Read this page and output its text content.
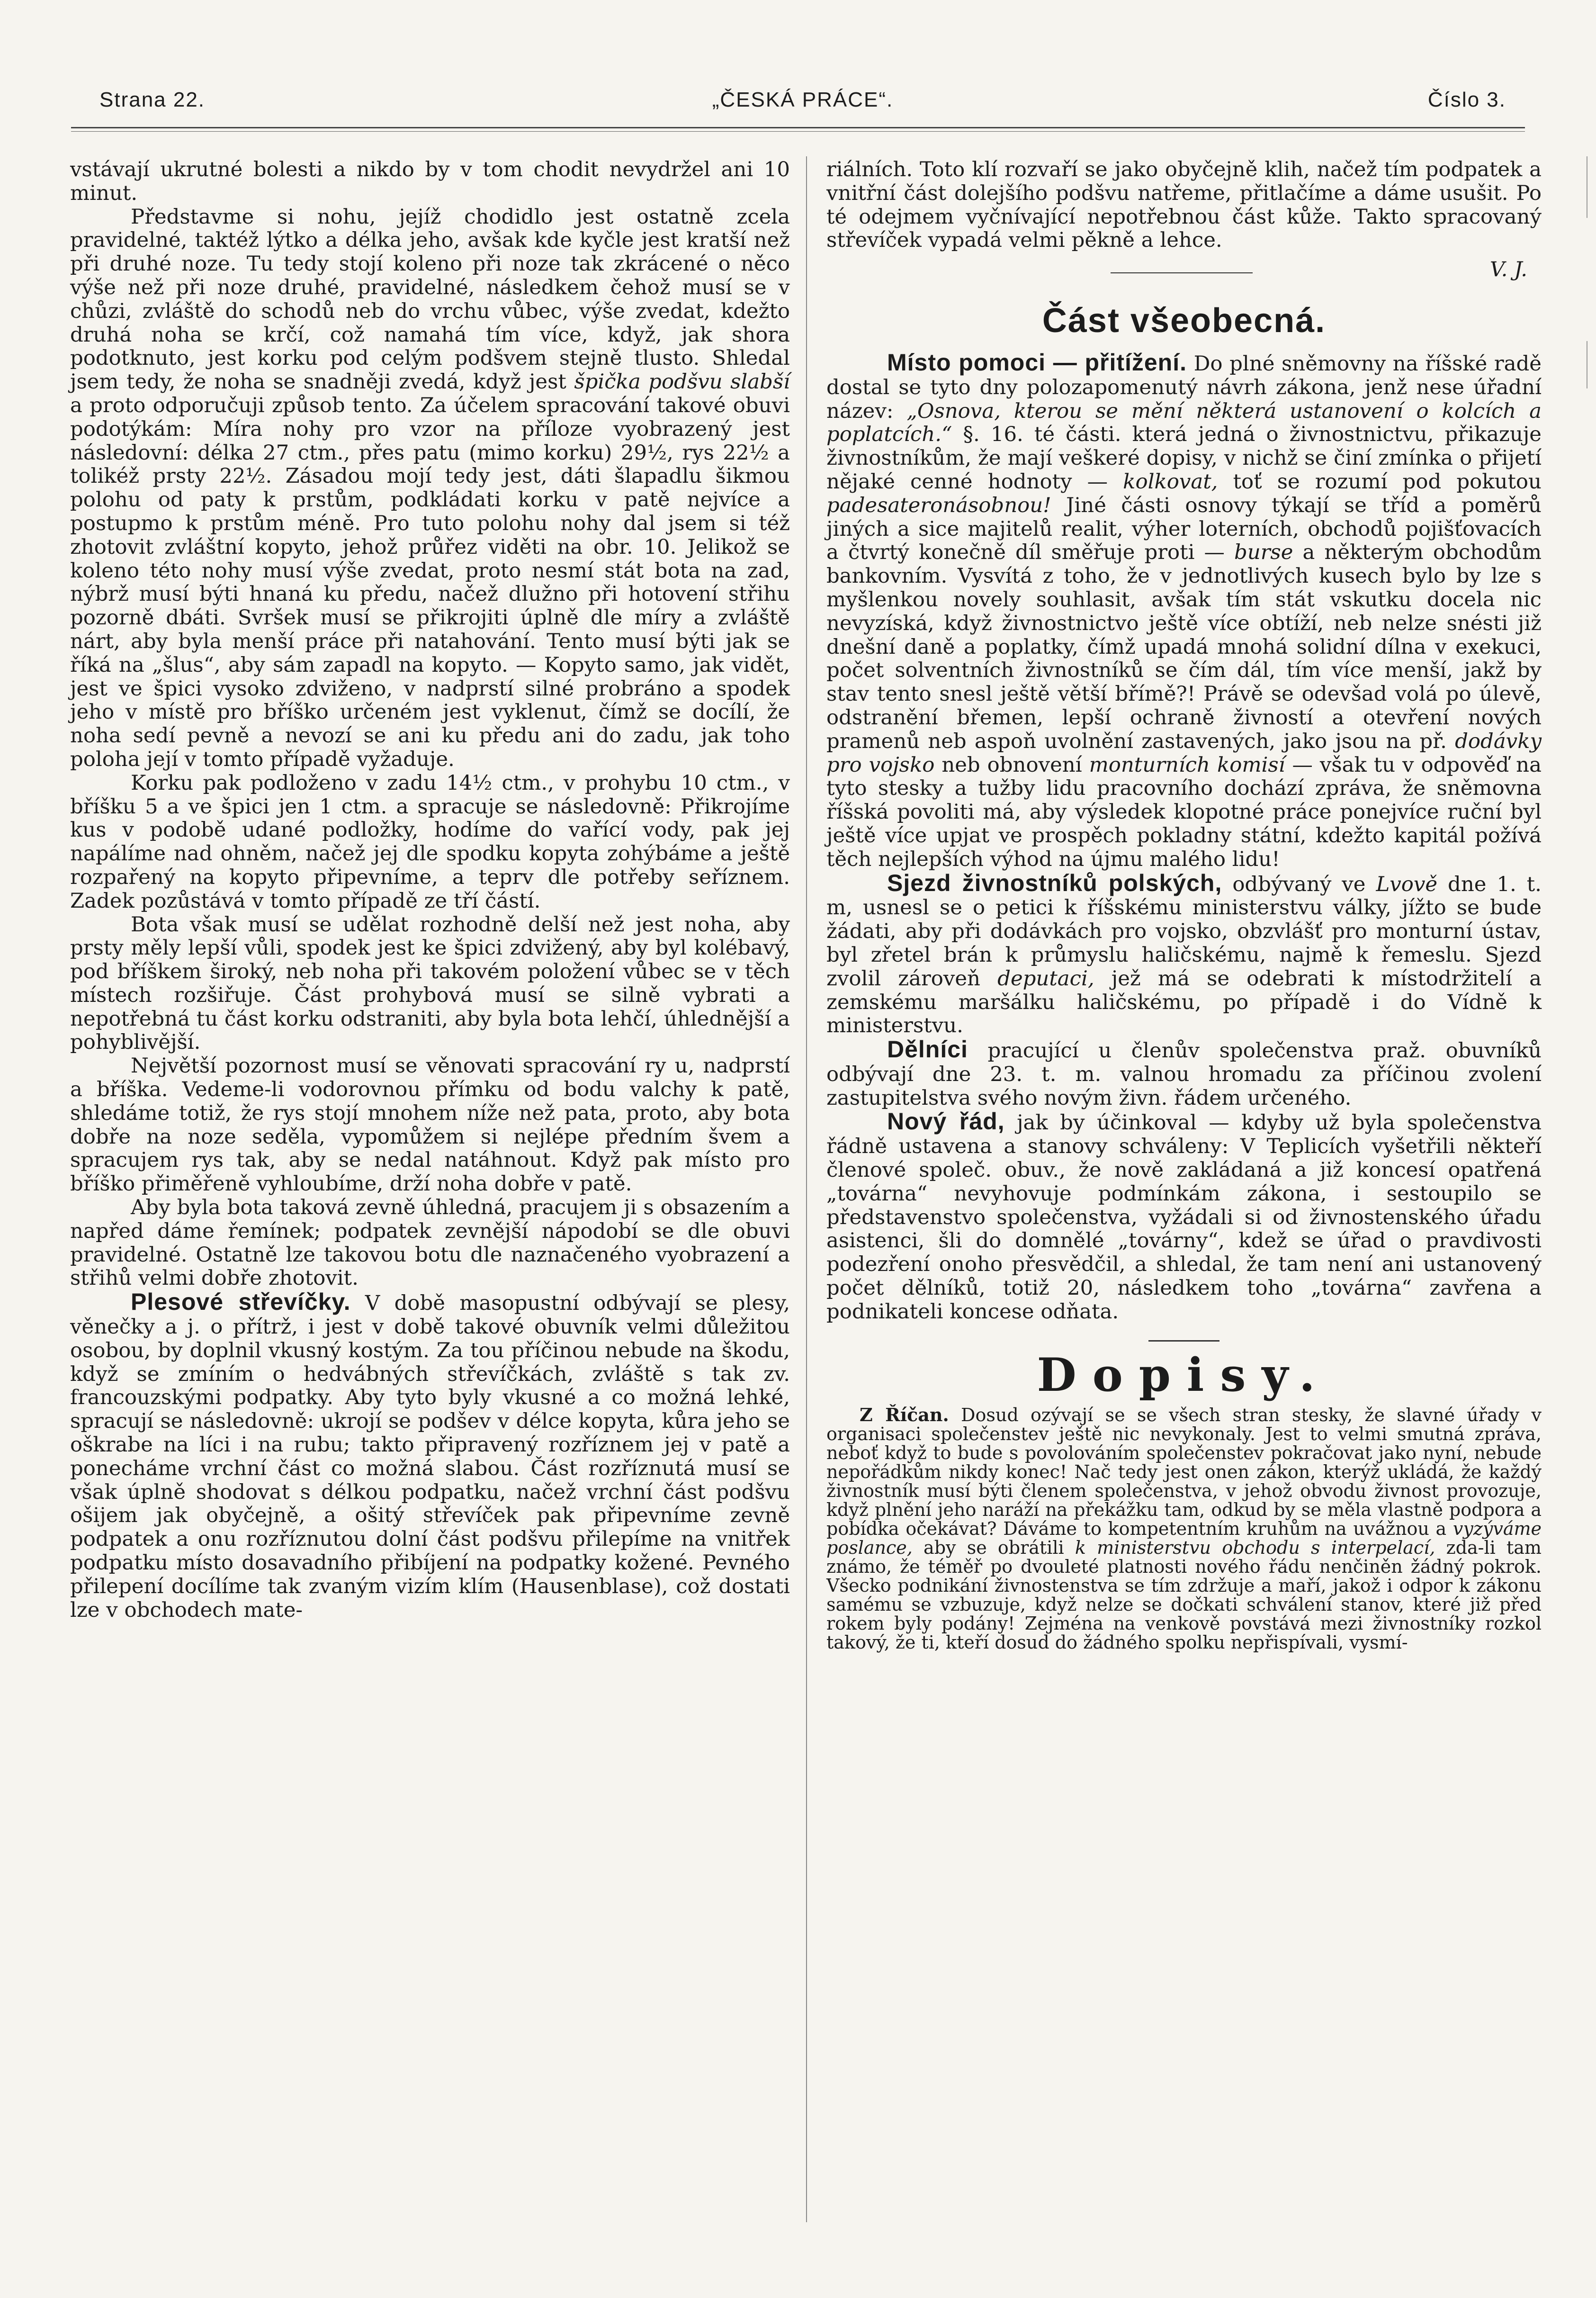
Strana 22.	„ČESKÁ PRÁCE“.	Číslo 3.

vstávají ukrutné bolesti a nikdo by v tom chodit nevydržel ani 10 minut.

Představme si nohu, jejíž chodidlo jest ostatně zcela pravidelné, taktéž lýtko a délka jeho, avšak kde kyčle jest kratší než při druhé noze. Tu tedy stojí koleno při noze tak zkrácené o něco výše než při noze druhé, pravidelné, následkem čehož musí se v chůzi, zvláště do schodů neb do vrchu vůbec, výše zvedat, kdežto druhá noha se krčí, což namahá tím více, když, jak shora podotknuto, jest korku pod celým podšvem stejně tlusto. Shledal jsem tedy, že noha se snadněji zvedá, když jest špička podšvu slabší a proto odporučuji způsob tento. Za účelem spracování takové obuvi podotýkám: Míra nohy pro vzor na příloze vyobrazený jest následovní: délka 27 ctm., přes patu (mimo korku) 29½, rys 22½ a tolikéž prsty 22½. Zásadou mojí tedy jest, dáti šlapadlu šikmou polohu od paty k prstům, podkládati korku v patě nejvíce a postupmo k prstům méně. Pro tuto polohu nohy dal jsem si též zhotovit zvláštní kopyto, jehož průřez viděti na obr. 10. Jelikož se koleno této nohy musí výše zvedat, proto nesmí stát bota na zad, nýbrž musí býti hnaná ku předu, načež dlužno při hotovení střihu pozorně dbáti. Svršek musí se přikrojiti úplně dle míry a zvláště nárt, aby byla menší práce při natahování. Tento musí býti jak se říká na „šlus“, aby sám zapadl na kopyto. — Kopyto samo, jak vidět, jest ve špici vysoko zdviženo, v nadprstí silné probráno a spodek jeho v místě pro bříško určeném jest vyklenut, čímž se docílí, že noha sedí pevně a nevozí se ani ku předu ani do zadu, jak toho poloha její v tomto případě vyžaduje.

Korku pak podloženo v zadu 14½ ctm., v prohybu 10 ctm., v bříšku 5 a ve špici jen 1 ctm. a spracuje se následovně: Přikrojíme kus v podobě udané podložky, hodíme do vařící vody, pak jej napálíme nad ohněm, načež jej dle spodku kopyta zohýbáme a ještě rozpařený na kopyto připevníme, a teprv dle potřeby seříznem. Zadek pozůstává v tomto případě ze tří částí.

Bota však musí se udělat rozhodně delší než jest noha, aby prsty měly lepší vůli, spodek jest ke špici zdvižený, aby byl kolébavý, pod bříškem široký, neb noha při takovém položení vůbec se v těch místech rozšiřuje. Část prohybová musí se silně vybrati a nepotřebná tu část korku odstraniti, aby byla bota lehčí, úhlednější a pohyblivější.

Největší pozornost musí se věnovati spracování ry u, nadprstí a bříška. Vedeme-li vodorovnou přímku od bodu valchy k patě, shledáme totiž, že rys stojí mnohem níže než pata, proto, aby bota dobře na noze seděla, vypomůžem si nejlépe předním švem a spracujem rys tak, aby se nedal natáhnout. Když pak místo pro bříško přiměřeně vyhloubíme, drží noha dobře v patě.

Aby byla bota taková zevně úhledná, pracujem ji s obsazením a napřed dáme řemínek; podpatek zevnější nápodobí se dle obuvi pravidelné. Ostatně lze takovou botu dle naznačeného vyobrazení a střihů velmi dobře zhotovit.

Plesové střevíčky. V době masopustní odbývají se plesy, věnečky a j. o přítrž, i jest v době takové obuvník velmi důležitou osobou, by doplnil vkusný kostým. Za tou příčinou nebude na škodu, když se zmíním o hedvábných střevíčkách, zvláště s tak zv. francouzskými podpatky. Aby tyto byly vkusné a co možná lehké, spracují se následovně: ukrojí se podšev v délce kopyta, kůra jeho se oškrabe na líci i na rubu; takto připravený rozříznem jej v patě a ponecháme vrchní část co možná slabou. Část rozříznutá musí se však úplně shodovat s délkou podpatku, načež vrchní část podšvu ošijem jak obyčejně, a ošitý střevíček pak připevníme zevně podpatek a onu rozříznutou dolní část podšvu přilepíme na vnitřek podpatku místo dosavadního přibíjení na podpatky kožené. Pevného přilepení docílíme tak zvaným vizím klím (Hausenblase), což dostati lze v obchodech mate-

riálních. Toto klí rozvaří se jako obyčejně klih, načež tím podpatek a vnitřní část dolejšího podšvu natřeme, přitlačíme a dáme usušit. Po té odejmem vyčnívající nepotřebnou část kůže. Takto spracovaný střevíček vypadá velmi pěkně a lehce.

V. J.
Část všeobecná.

Místo pomoci — přitížení. Do plné sněmovny na říšské radě dostal se tyto dny polozapomenutý návrh zákona, jenž nese úřadní název: „Osnova, kterou se mění některá ustanovení o kolcích a poplatcích.“ §. 16. té části. která jedná o živnostnictvu, přikazuje živnostníkům, že mají veškeré dopisy, v nichž se činí zmínka o přijetí nějaké cenné hodnoty — kolkovat, toť se rozumí pod pokutou padesateronásobnou! Jiné části osnovy týkají se tříd a poměrů jiných a sice majitelů realit, výher loterních, obchodů pojišťovacích a čtvrtý konečně díl směřuje proti — burse a některým obchodům bankovním. Vysvítá z toho, že v jednotlivých kusech bylo by lze s myšlenkou novely souhlasit, avšak tím stát vskutku docela nic nevyzíská, když živnostnictvo ještě více obtíží, neb nelze snésti již dnešní daně a poplatky, čímž upadá mnohá solidní dílna v exekuci, počet solventních živnostníků se čím dál, tím více menší, jakž by stav tento snesl ještě větší břímě?! Právě se odevšad volá po úlevě, odstranění břemen, lepší ochraně živností a otevření nových pramenů neb aspoň uvolnění zastavených, jako jsou na př. dodávky pro vojsko neb obnovení monturních komisí — však tu v odpověď na tyto stesky a tužby lidu pracovního dochází zpráva, že sněmovna říšská povoliti má, aby výsledek klopotné práce ponejvíce ruční byl ještě více upjat ve prospěch pokladny státní, kdežto kapitál požívá těch nejlepších výhod na újmu malého lidu!

Sjezd živnostníků polských, odbývaný ve Lvově dne 1. t. m, usnesl se o petici k říšskému ministerstvu války, jížto se bude žádati, aby při dodávkách pro vojsko, obzvlášť pro monturní ústav, byl zřetel brán k průmyslu haličskému, najmě k řemeslu. Sjezd zvolil zároveň deputaci, jež má se odebrati k místodržitelí a zemskému maršálku haličskému, po případě i do Vídně k ministerstvu.

Dělníci pracující u členův společenstva praž. obuvníků odbývají dne 23. t. m. valnou hromadu za příčinou zvolení zastupitelstva svého novým živn. řádem určeného.

Nový řád, jak by účinkoval — kdyby už byla společenstva řádně ustavena a stanovy schváleny: V Teplicích vyšetřili někteří členové společ. obuv., že nově zakládaná a již koncesí opatřená „továrna“ nevyhovuje podmínkám zákona, i sestoupilo se představenstvo společenstva, vyžádali si od živnostenského úřadu asistenci, šli do domnělé „továrny“, kdež se úřad o pravdivosti podezření onoho přesvědčil, a shledal, že tam není ani ustanovený počet dělníků, totiž 20, následkem toho „továrna“ zavřena a podnikateli koncese odňata.

Dopisy.

Z Říčan. Dosud ozývají se se všech stran stesky, že slavné úřady v organisaci společenstev ještě nic nevykonaly. Jest to velmi smutná zpráva, neboť když to bude s povolováním společenstev pokračovat jako nyní, nebude nepořádkům nikdy konec! Nač tedy jest onen zákon, kterýž ukládá, že každý živnostník musí býti členem společenstva, v jehož obvodu živnost provozuje, když plnění jeho naráží na překážku tam, odkud by se měla vlastně podpora a pobídka očekávat? Dáváme to kompetentním kruhům na uvážnou a vyzýváme poslance, aby se obrátili k ministerstvu obchodu s interpelací, zda-li tam známo, že téměř po dvouleté platnosti nového řádu nenčiněn žádný pokrok. Všecko podnikání živnostenstva se tím zdržuje a maří, jakož i odpor k zákonu samému se vzbuzuje, když nelze se dočkati schválení stanov, které již před rokem byly podány! Zejména na venkově povstává mezi živnostníky rozkol takový, že ti, kteří dosud do žádného spolku nepřispívali, vysmí-
